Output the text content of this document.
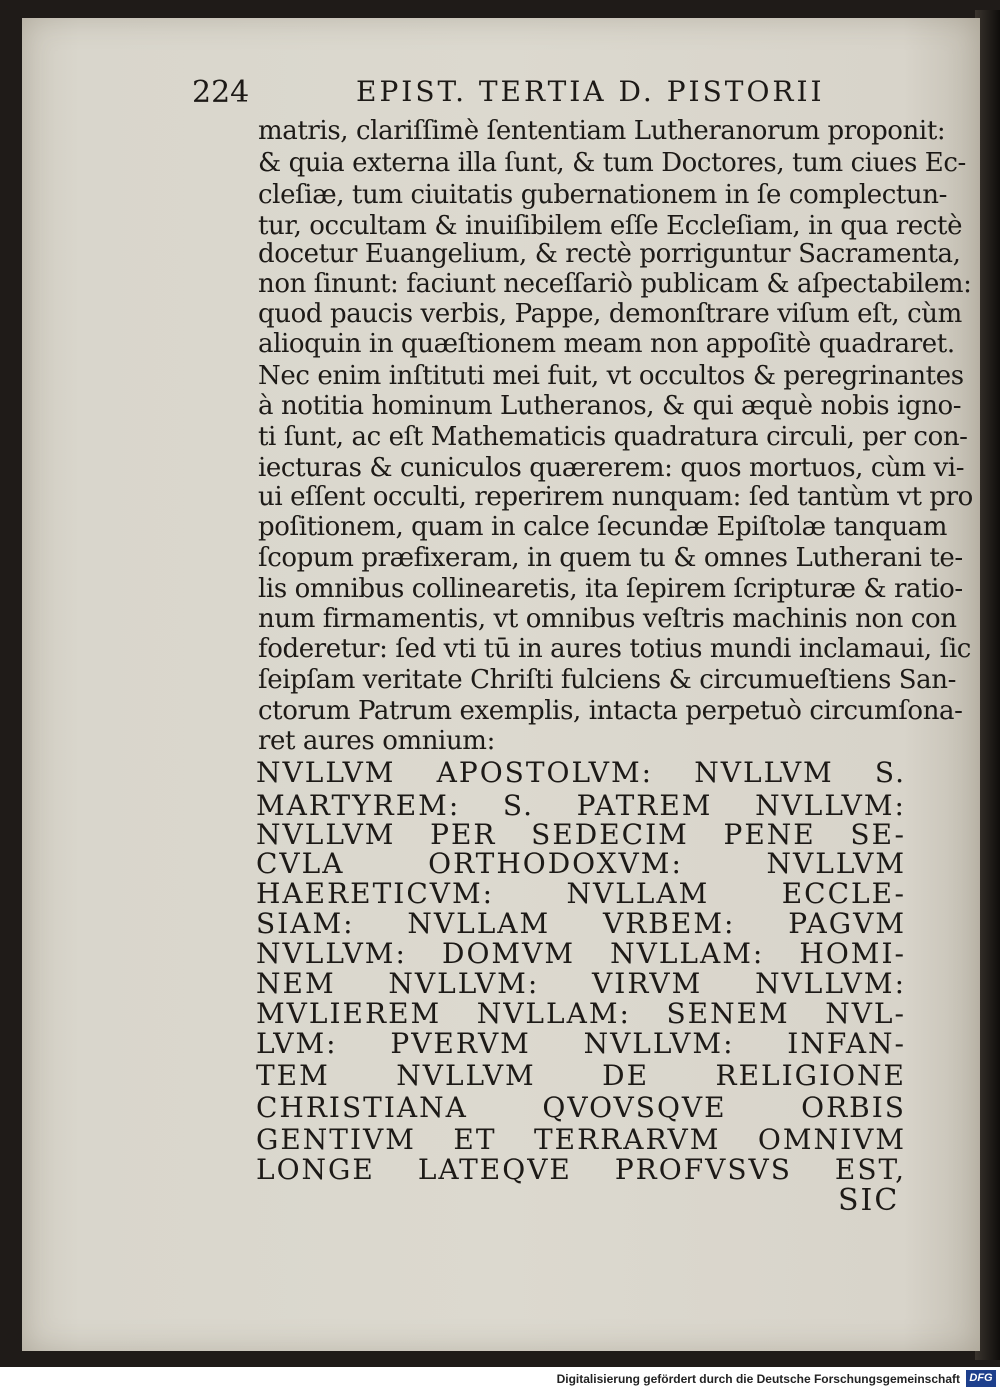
224	EPIST. TERTIA D. PISTORII
matris, clariſſimè ſententiam Lutheranorum proponit:
& quia externa illa ſunt, & tum Doctores, tum ciues Ec-
cleſiæ, tum ciuitatis gubernationem in ſe complectun-
tur, occultam & inuiſibilem eſſe Eccleſiam, in qua rectè
docetur Euangelium, & rectè porriguntur Sacramenta,
non ſinunt: faciunt neceſſariò publicam & aſpectabilem:
quod paucis verbis, Pappe, demonſtrare viſum eſt, cùm
alioquin in quæſtionem meam non appoſitè quadraret.
Nec enim inſtituti mei fuit, vt occultos & peregrinantes
à notitia hominum Lutheranos, & qui æquè nobis igno-
ti ſunt, ac eſt Mathematicis quadratura circuli, per con-
iecturas & cuniculos quærerem: quos mortuos, cùm vi-
ui eſſent occulti, reperirem nunquam: ſed tantùm vt pro
poſitionem, quam in calce ſecundæ Epiſtolæ tanquam
ſcopum præfixeram, in quem tu & omnes Lutherani te-
lis omnibus collinearetis, ita ſepirem ſcripturæ & ratio-
num firmamentis, vt omnibus veſtris machinis non con
foderetur: ſed vti tū in aures totius mundi inclamaui, ſic
ſeipſam veritate Chriſti fulciens & circumueſtiens San-
ctorum Patrum exemplis, intacta perpetuò circumſona-
ret aures omnium:
NVLLVM APOSTOLVM: NVLLVM S.
MARTYREM: S. PATREM NVLLVM:
NVLLVM PER SEDECIM PENE SE-
CVLA ORTHODOXVM: NVLLVM
HAERETICVM: NVLLAM ECCLE-
SIAM: NVLLAM VRBEM: PAGVM
NVLLVM: DOMVM NVLLAM: HOMI-
NEM NVLLVM: VIRVM NVLLVM:
MVLIEREM NVLLAM: SENEM NVL-
LVM: PVERVM NVLLVM: INFAN-
TEM NVLLVM DE RELIGIONE
CHRISTIANA QVOVSQVE ORBIS
GENTIVM ET TERRARVM OMNIVM
LONGE LATEQVE PROFVSVS EST,
SIC
Digitalisierung gefördert durch die Deutsche Forschungsgemeinschaft DFG
